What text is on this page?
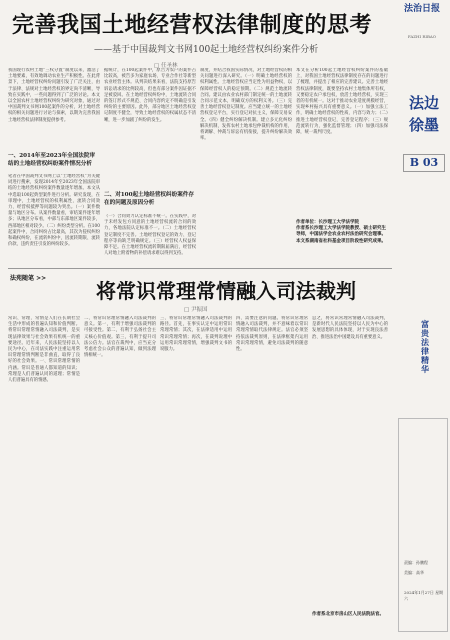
完善我国土地经营权法律制度的思考
——基于中国裁判文书网100起土地经营权纠纷案件分析
□ 任圣林
我国现行农村土地“三权分置”制度以来，激活了土地要素，有效地调动农业生产积极性。在此背景下，土地经营权纠纷问题引发了广泛关注，由于法律、法规对土地经营权的界定尚不清晰，导致在实践中，一些问题得到了广泛的讨论。本文以全国农村土地经营权纠纷为研究对象，通过对中国裁判文书网100起案件的分析，对土地经营权的相关问题进行讨论与探索，以期为完善我国土地经营权法律制度提供参考。
一、2014年至2023年全国法院审结的土地经营权纠纷案件情况分析
笔者在中国裁判文书网上以“土地经营权”为关键词进行搜索，发现2014年至2023年全国法院审结的土地经营权纠纷案件数量逐年增加。本文从中选取100起典型案件进行分析。研究发现，在审理中，土地经营权的权利属性、流转合同效力、经营权抵押等问题较为突出。（一）案件数量与地区分布。从案件数量看，审结案件逐年增多；从地区分布看，中部与东部地区案件较多，西部地区相对较少。（二）纠纷类型分析。在100起案件中，合同纠纷占比最高，其次为侵权纠纷和确权纠纷，在流转纠纷中，因流转期限、流转价款、违约责任引发的纠纷较多。
据统计，在100起案件中，原告为农户的案件占比较高，被告多为家庭农场、专业合作社等新型农业经营主体。从判决结果来看，法院支持原告诉讼请求的比例较高，但也有部分案件因证据不足被驳回。在土地经营权纠纷中，土地流转合同的签订形式不规范、合同内容约定不明确是引发纠纷的主要原因。此外，部分地区土地经营权登记制度不健全，导致土地经营权的权属状态不清晰，进一步加剧了纠纷的发生。
二、对100起土地经营权纠纷案件存在的问题及原因分析
（一）合同效力认定标准不统一。在实践中，对于未经发包方同意的土地经营权流转合同的效力，各地法院认定标准不一。（二）土地经营权登记制度不完善。土地经营权登记的效力、登记程序等尚缺乏明确规定。（三）经营权人权益保障不足。在土地经营权流转期限届满后，经营权人对地上附着物的补偿请求难以得到支持。
制度，并结合我国实际情况，对土地经营权的相关问题进行深入研究。（一）明确土地经营权的权利属性。土地经营权应当定性为用益物权，以保障经营权人的稳定预期。（二）规范土地流转合同。建议由农业农村部门制定统一的土地流转合同示范文本，明确双方的权利义务。（三）完善土地经营权登记制度。应当建立统一的土地经营权登记平台，实行登记对抗主义，保障交易安全。（四）健全纠纷解决机制。建立多元化纠纷解决机制，发挥农村土地承包仲裁机构的作用，将调解、仲裁与诉讼有机衔接，提升纠纷解决效率。
本文在分析100起土地经营权纠纷案件的基础上，对我国土地经营权法律制度存在的问题进行了梳理，并提出了相应的完善建议。完善土地经营权法律制度，既要坚持农村土地集体所有权，又要稳定农户承包权，放活土地经营权，实现三者的有机统一。这对于推动农业适度规模经营，实现乡村振兴具有重要意义。（一）加强立法工作，明确土地经营权的性质、内容与效力；（二）推进土地经营权登记，完善登记程序；（三）规范流转行为，强化监督管理；（四）加强司法保障，统一裁判尺度。
作者单位：长沙理工大学法学院
作者系长沙理工大学法学院教授、硕士研究生导师，中国法学会农业农村法治研究会理事。本文系湖南省社科基金项目阶段性研究成果。
法苑随笔 >>
将常识常理常情融入司法裁判
□ 尹振国
常识、常理、常情是人们在长期社会生活中形成的普遍认知和价值判断。将常识常理常情融入司法裁判，是实现法律效果与社会效果有机统一的重要途径。近年来，人民法院坚持以人民为中心，在司法实践中注重运用常识常理常情判断是非曲直，取得了良好的社会效果。一、常识常理常情的内涵。常识是普通人都知道的知识；常理是人们普遍认同的道理；常情是人们普遍具有的情感。
二、将常识常理常情融入司法裁判的意义。第一，有利于增强司法裁判的可接受性。第二，有利于弘扬社会主义核心价值观。第三，有利于提升司法公信力。法官在裁判中，应当充分考虑社会公众的普遍认知，做到法理情相统一。
三、将常识常理常情融入司法裁判的路径。首先，在事实认定中运用常识常理常情；其次，在法律适用中运用常识常理常情；再次，在裁判说理中运用常识常理常情，增强裁判文书的说服力。
四、需要注意的问题。将常识常理常情融入司法裁判，并不意味着以常识常理常情取代法律规定。法官必须坚持依法裁判原则，在法律框架内运用常识常理常情，避免司法裁判的随意性。
总之，将常识常理常情融入司法裁判，是新时代人民法院坚持以人民为中心的发展思想的具体体现，对于实现良法善治、推进法治中国建设具有重要意义。
作者系北京市房山区人民法院法官。
法治日报
FAZHI RIBAO
法边徐墨
B 03
富贵法律精华
责编：孙鹏程
美编：高华
2024年1月27日 星期六
